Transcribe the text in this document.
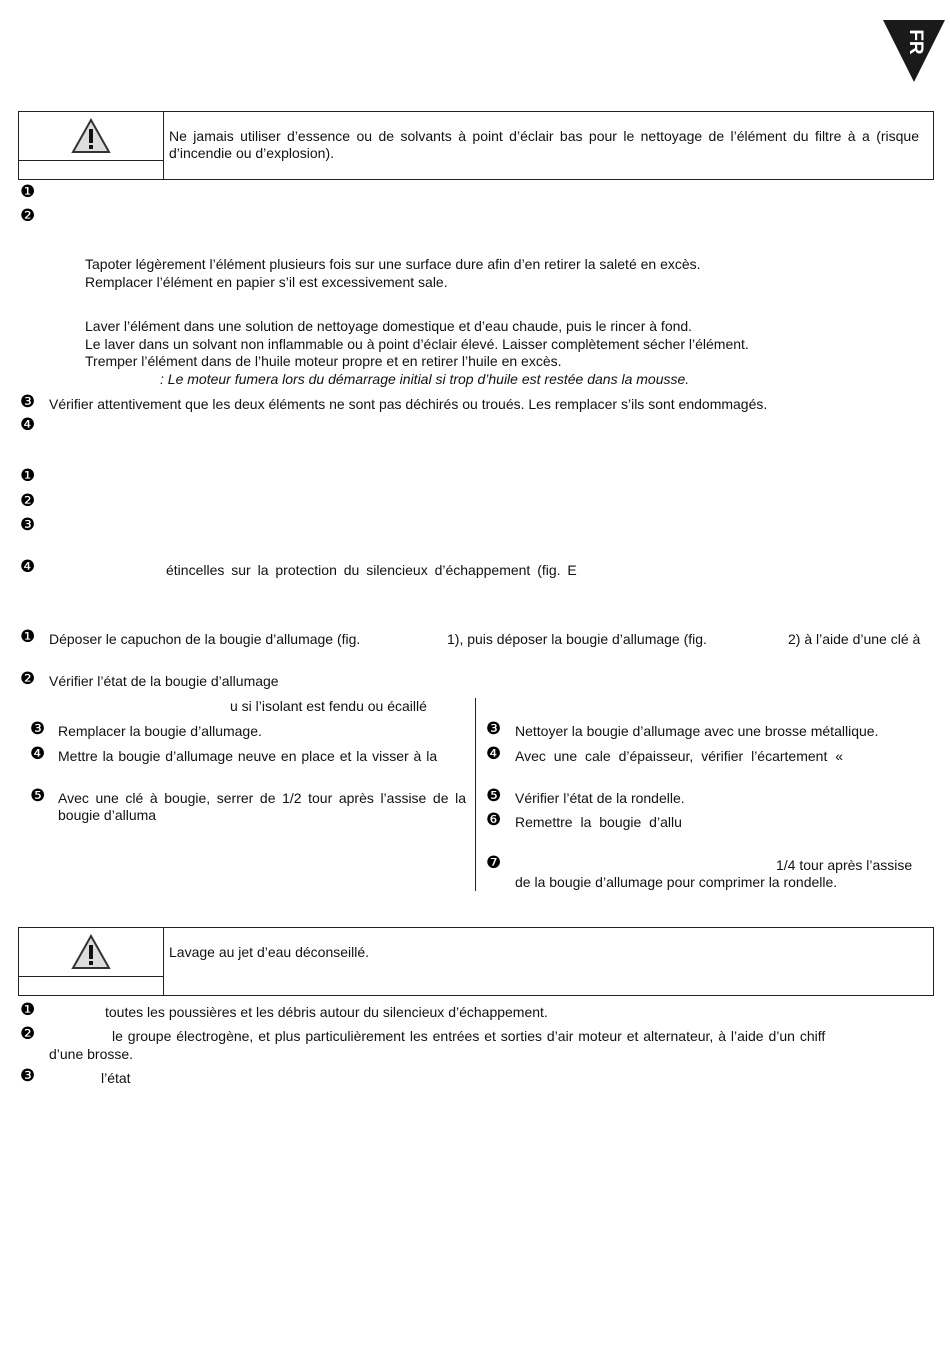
FR
Ne jamais utiliser d’essence ou de solvants à point d’éclair bas pour le nettoyage de l’élément du filtre à a (risque d’incendie ou d’explosion).
❶
❷
Tapoter légèrement l’élément plusieurs fois sur une surface dure afin d’en retirer la saleté en excès.
Remplacer l’élément en papier s’il est excessivement sale.
Laver l’élément dans une solution de nettoyage domestique et d’eau chaude, puis le rincer à fond.
Le laver dans un solvant non inflammable ou à point d’éclair élevé. Laisser complètement sécher l’élément.
Tremper l’élément dans de l’huile moteur propre et en retirer l’huile en excès.
: Le moteur fumera lors du démarrage initial si trop d’huile est restée dans la mousse.
❸ Vérifier attentivement que les deux éléments ne sont pas déchirés ou troués. Les remplacer s’ils sont endommagés.
❹
❶
❷
❸
❹	étincelles sur la protection du silencieux d’échappement (fig. E
❶ Déposer le capuchon de la bougie d’allumage (fig.	1), puis déposer la bougie d’allumage (fig.	2) à l’aide d’une clé à
❷ Vérifier l’état de la bougie d’allumage
u si l’isolant est fendu ou écaillé
❸ Remplacer la bougie d’allumage.
❹ Mettre la bougie d’allumage neuve en place et la visser à la
❺ Avec une clé à bougie, serrer de 1/2 tour après l’assise de la bougie d’alluma
❸ Nettoyer la bougie d’allumage avec une brosse métallique.
❹ Avec une cale d’épaisseur, vérifier l’écartement «
❺ Vérifier l’état de la rondelle.
❻ Remettre la bougie d’allu
❼	1/4 tour après l’assise
de la bougie d’allumage pour comprimer la rondelle.
Lavage au jet d’eau déconseillé.
❶	toutes les poussières et les débris autour du silencieux d’échappement.
❷	le groupe électrogène, et plus particulièrement les entrées et sorties d’air moteur et alternateur, à l’aide d’un chiff
d’une brosse.
❸	l’état
